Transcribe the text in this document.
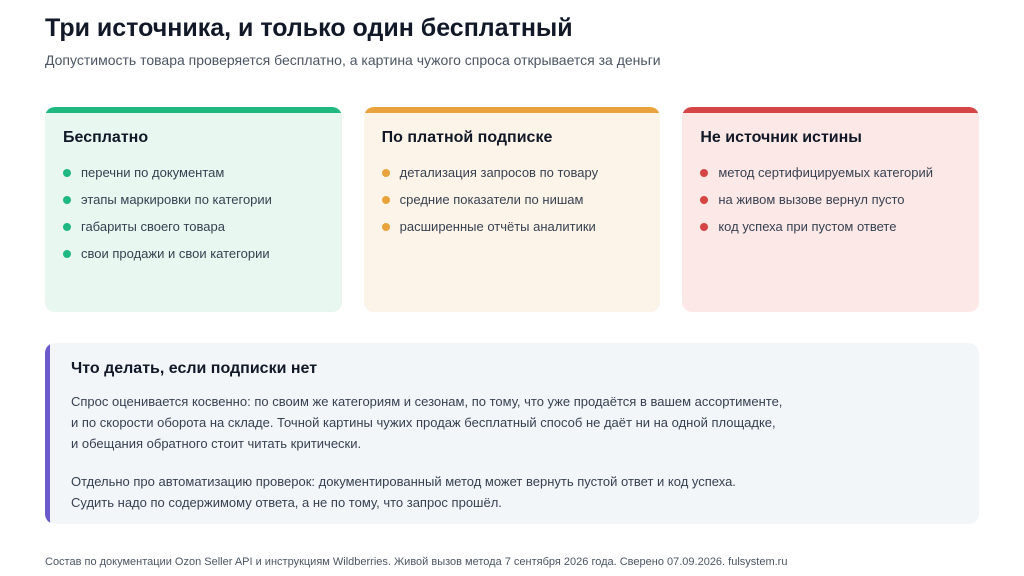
Три источника, и только один бесплатный
Допустимость товара проверяется бесплатно, а картина чужого спроса открывается за деньги
Бесплатно
перечни по документам
этапы маркировки по категории
габариты своего товара
свои продажи и свои категории
По платной подписке
детализация запросов по товару
средние показатели по нишам
расширенные отчёты аналитики
Не источник истины
метод сертифицируемых категорий
на живом вызове вернул пусто
код успеха при пустом ответе
Что делать, если подписки нет
Спрос оценивается косвенно: по своим же категориям и сезонам, по тому, что уже продаётся в вашем ассортименте,
и по скорости оборота на складе. Точной картины чужих продаж бесплатный способ не даёт ни на одной площадке,
и обещания обратного стоит читать критически.
Отдельно про автоматизацию проверок: документированный метод может вернуть пустой ответ и код успеха.
Судить надо по содержимому ответа, а не по тому, что запрос прошёл.
Состав по документации Ozon Seller API и инструкциям Wildberries. Живой вызов метода 7 сентября 2026 года. Сверено 07.09.2026. fulsystem.ru
